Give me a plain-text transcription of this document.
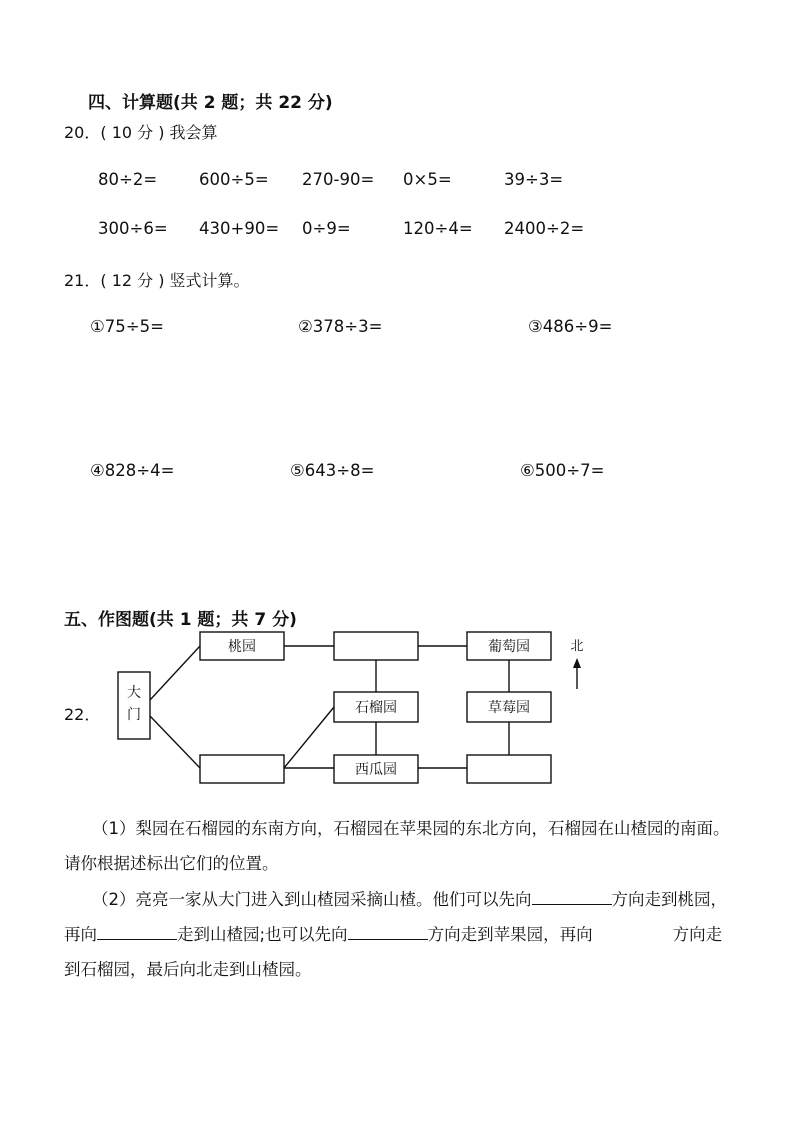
四、计算题(共 2 题；共 22 分)
20．( 10 分 ) 我会算
80÷2=	600÷5= 270-90= 0×5=	39÷3=
300÷6= 430+90= 0÷9=	120÷4= 2400÷2=
21．( 12 分 ) 竖式计算。
①75÷5=	②378÷3=	③486÷9=
④828÷4=	⑤643÷8=	⑥500÷7=
五、作图题(共 1 题；共 7 分)
22．
大
门
桃园	葡萄园
石榴园	草莓园
西瓜园
北
（1）梨园在石榴园的东南方向，石榴园在苹果园的东北方向，石榴园在山楂园的南面。请你根据述标出它们的位置。
（2）亮亮一家从大门进入到山楂园采摘山楂。他们可以先向	方向走到桃园，再向	走到山楂园;也可以先向	方向走到苹果园，再向	方向走到石榴园，最后向北走到山楂园。
